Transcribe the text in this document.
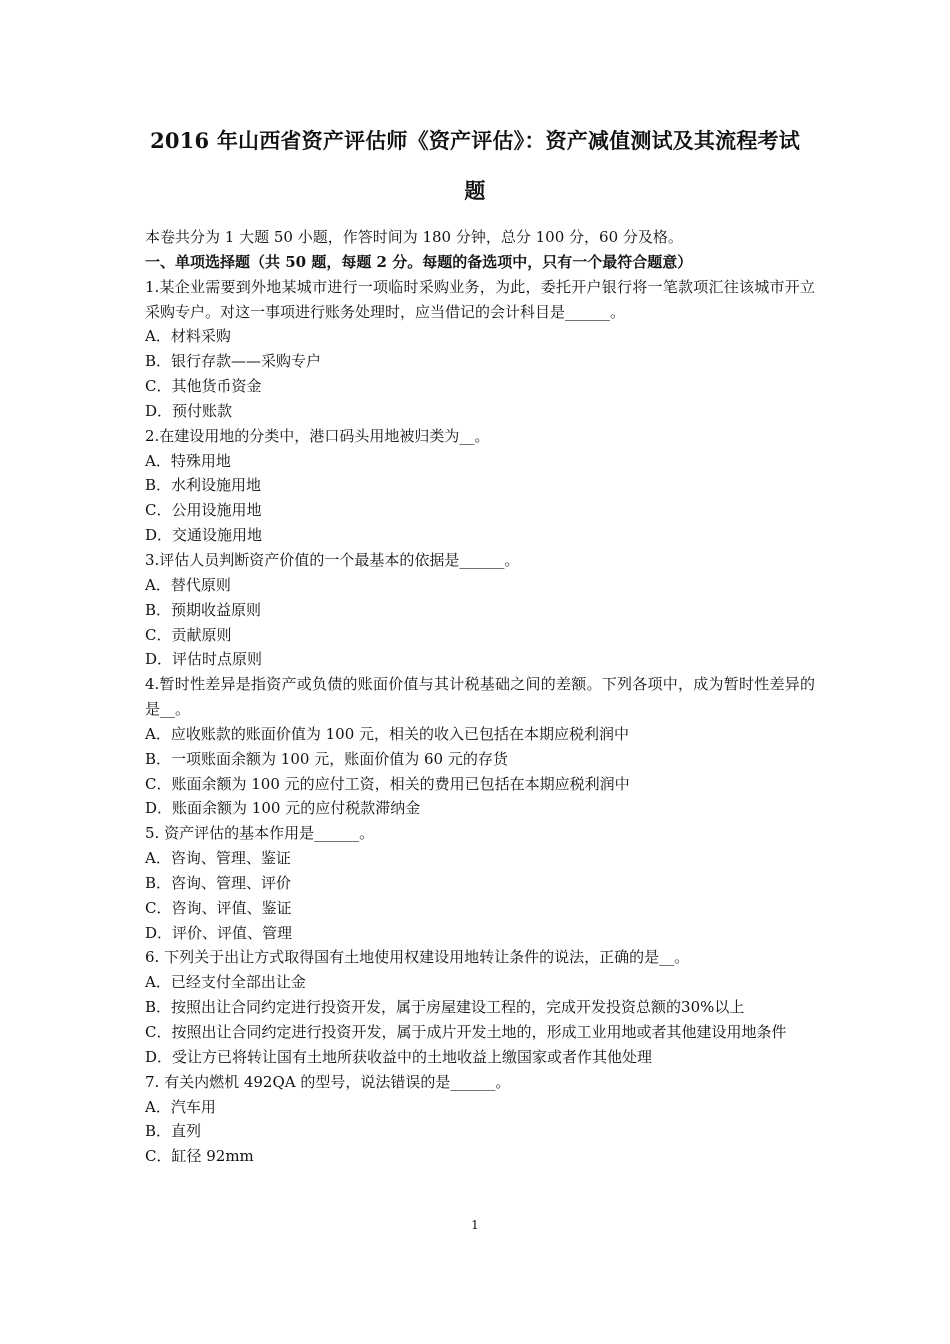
2016 年山西省资产评估师《资产评估》：资产减值测试及其流程考试
题
本卷共分为 1 大题 50 小题，作答时间为 180 分钟，总分 100 分，60 分及格。
一、单项选择题（共 50 题，每题 2 分。每题的备选项中，只有一个最符合题意）
1.某企业需要到外地某城市进行一项临时采购业务，为此，委托开户银行将一笔款项汇往该城市开立采购专户。对这一事项进行账务处理时，应当借记的会计科目是______。
A．材料采购
B．银行存款——采购专户
C．其他货币资金
D．预付账款
2.在建设用地的分类中，港口码头用地被归类为__。
A．特殊用地
B．水利设施用地
C．公用设施用地
D．交通设施用地
3.评估人员判断资产价值的一个最基本的依据是______。
A．替代原则
B．预期收益原则
C．贡献原则
D．评估时点原则
4.暂时性差异是指资产或负债的账面价值与其计税基础之间的差额。下列各项中，成为暂时性差异的是__。
A．应收账款的账面价值为 100 元，相关的收入已包括在本期应税利润中
B．一项账面余额为 100 元，账面价值为 60 元的存货
C．账面余额为 100 元的应付工资，相关的费用已包括在本期应税利润中
D．账面余额为 100 元的应付税款滞纳金
5. 资产评估的基本作用是______。
A．咨询、管理、鉴证
B．咨询、管理、评价
C．咨询、评值、鉴证
D．评价、评值、管理
6. 下列关于出让方式取得国有土地使用权建设用地转让条件的说法，正确的是__。
A．已经支付全部出让金
B．按照出让合同约定进行投资开发，属于房屋建设工程的，完成开发投资总额的30%以上
C．按照出让合同约定进行投资开发，属于成片开发土地的，形成工业用地或者其他建设用地条件
D．受让方已将转让国有土地所获收益中的土地收益上缴国家或者作其他处理
7. 有关内燃机 492QA 的型号，说法错误的是______。
A．汽车用
B．直列
C．缸径 92mm
1
